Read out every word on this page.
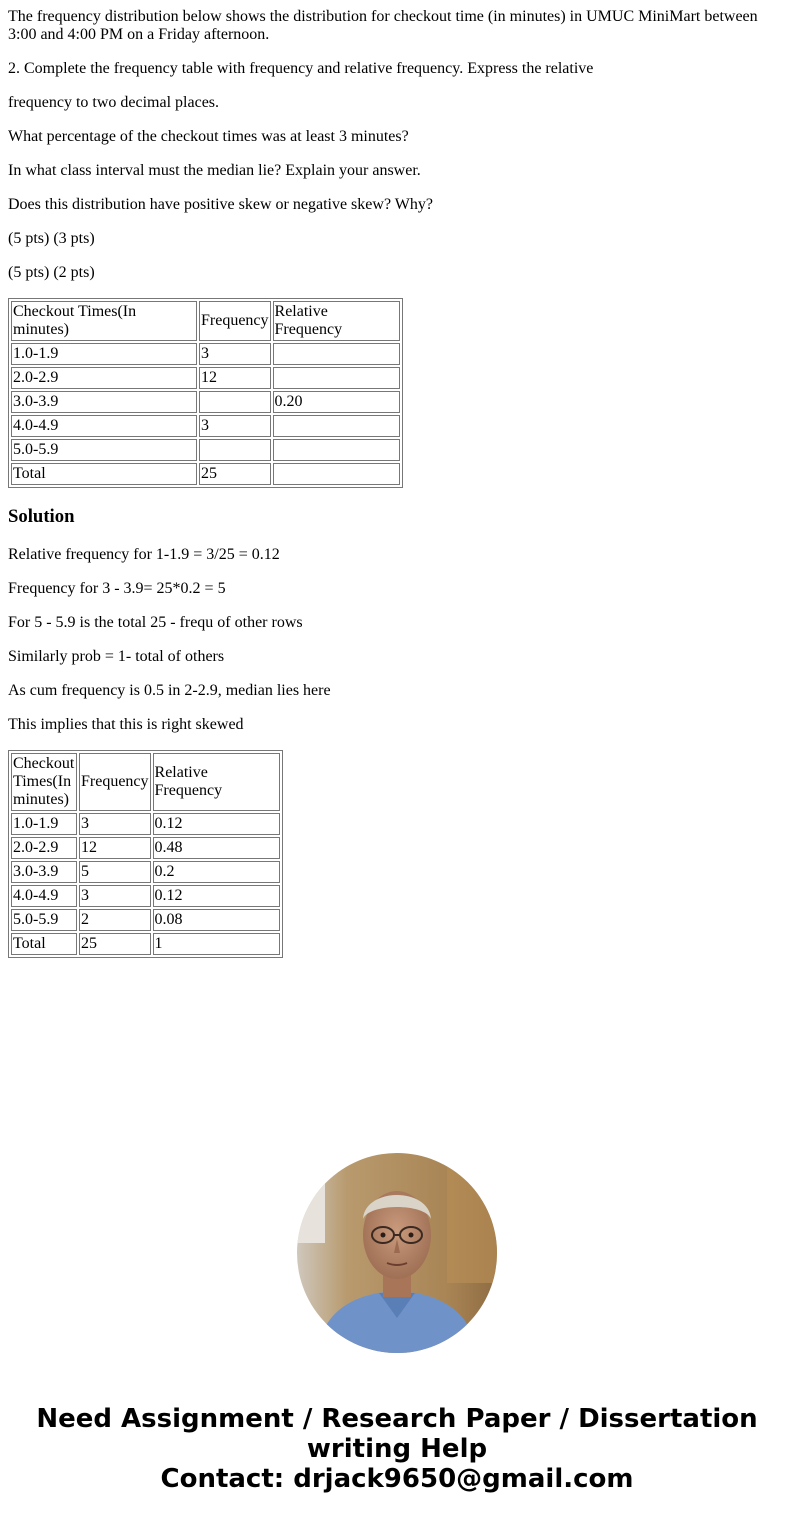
The frequency distribution below shows the distribution for checkout time (in minutes) in UMUC MiniMart between 3:00 and 4:00 PM on a Friday afternoon.

2. Complete the frequency table with frequency and relative frequency. Express the relative

frequency to two decimal places.

What percentage of the checkout times was at least 3 minutes?

In what class interval must the median lie? Explain your answer.

Does this distribution have positive skew or negative skew? Why?

(5 pts) (3 pts)

(5 pts) (2 pts)

Checkout Times(In minutes)	Frequency	Relative Frequency
1.0-1.9	3	
2.0-2.9	12	
3.0-3.9		0.20
4.0-4.9	3	
5.0-5.9		
Total	25	
Solution

Relative frequency for 1-1.9 = 3/25 = 0.12

Frequency for 3 - 3.9= 25*0.2 = 5

For 5 - 5.9 is the total 25 - frequ of other rows

Similarly prob = 1- total of others

As cum frequency is 0.5 in 2-2.9, median lies here

This implies that this is right skewed

Checkout Times(In minutes)	Frequency	Relative Frequency
1.0-1.9	3	0.12
2.0-2.9	12	0.48
3.0-3.9	5	0.2
4.0-4.9	3	0.12
5.0-5.9	2	0.08
Total	25	1
Need Assignment / Research Paper / Dissertation
writing Help
Contact: drjack9650@gmail.com
